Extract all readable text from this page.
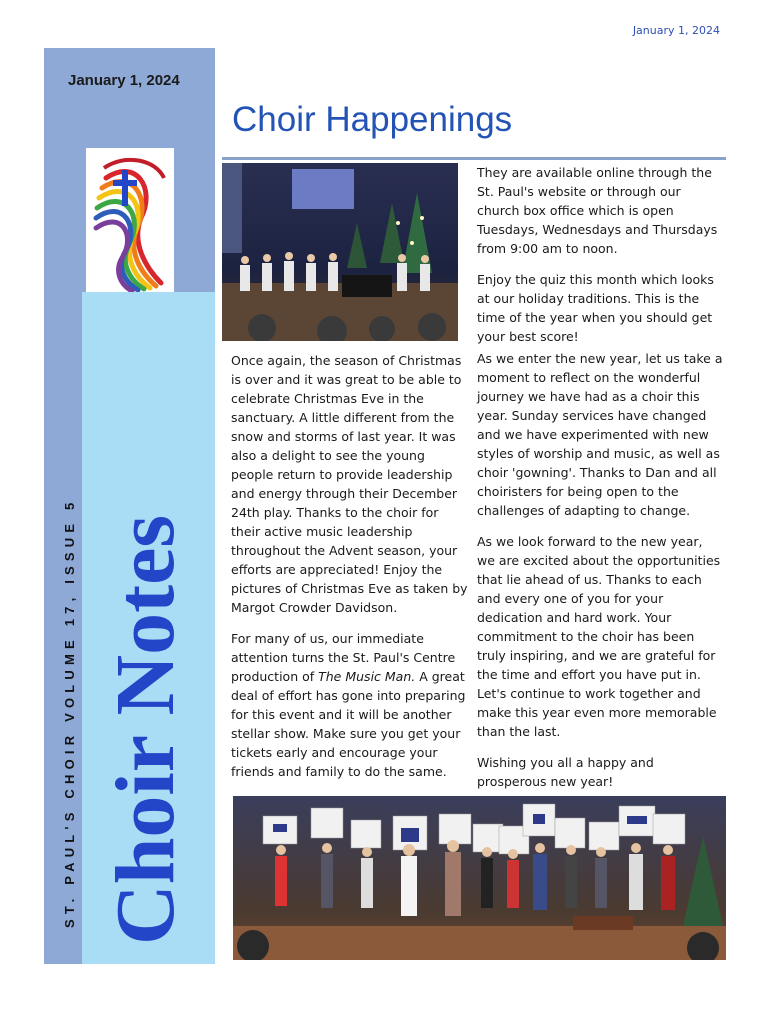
January 1, 2024
January 1, 2024
ST. PAUL'S CHOIR VOLUME 17, ISSUE 5 Choir Notes
Choir Happenings

They are available online through the St. Paul's website or through our church box office which is open Tuesdays, Wednesdays and Thursdays from 9:00 am to noon.

Enjoy the quiz this month which looks at our holiday traditions. This is the time of the year when you should get your best score!

Once again, the season of Christmas is over and it was great to be able to celebrate Christmas Eve in the sanctuary. A little different from the snow and storms of last year. It was also a delight to see the young people return to provide leadership and energy through their December 24th play. Thanks to the choir for their active music leadership throughout the Advent season, your efforts are appreciated! Enjoy the pictures of Christmas Eve as taken by Margot Crowder Davidson.

For many of us, our immediate attention turns the St. Paul's Centre production of The Music Man. A great deal of effort has gone into preparing for this event and it will be another stellar show. Make sure you get your tickets early and encourage your friends and family to do the same.

As we enter the new year, let us take a moment to reflect on the wonderful journey we have had as a choir this year. Sunday services have changed and we have experimented with new styles of worship and music, as well as choir 'gowning'. Thanks to Dan and all choiristers for being open to the challenges of adapting to change.

As we look forward to the new year, we are excited about the opportunities that lie ahead of us. Thanks to each and every one of you for your dedication and hard work. Your commitment to the choir has been truly inspiring, and we are grateful for the time and effort you have put in. Let's continue to work together and make this year even more memorable than the last.

Wishing you all a happy and prosperous new year!
